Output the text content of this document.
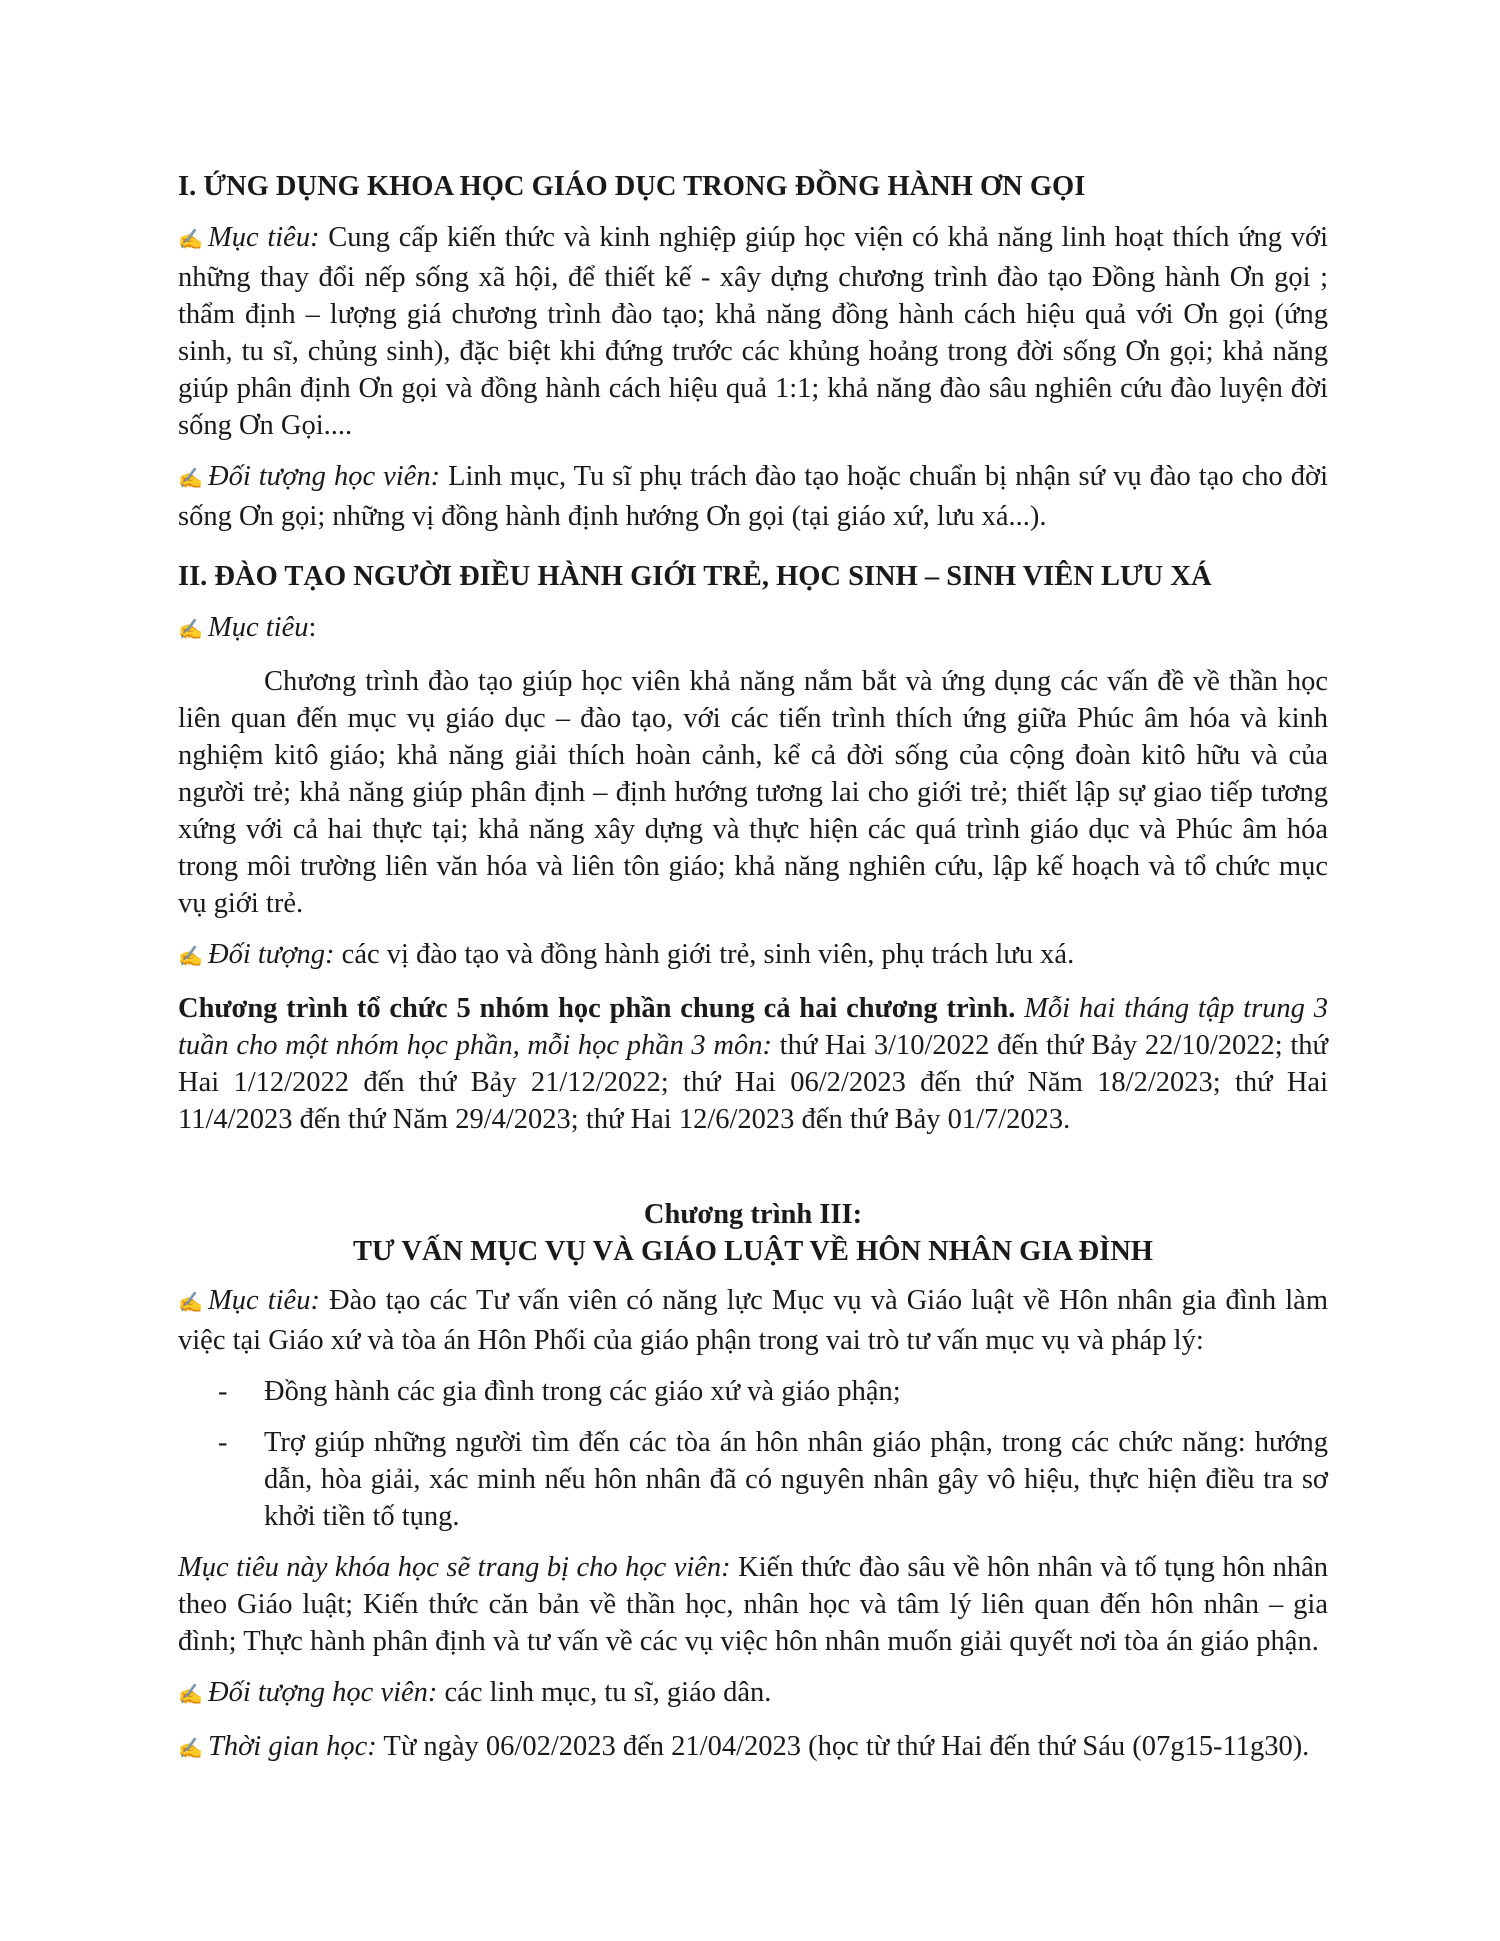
I. ỨNG DỤNG KHOA HỌC GIÁO DỤC TRONG ĐỒNG HÀNH ƠN GỌI

✍ Mục tiêu: Cung cấp kiến thức và kinh nghiệp giúp học viện có khả năng linh hoạt thích ứng với những thay đổi nếp sống xã hội, để thiết kế - xây dựng chương trình đào tạo Đồng hành Ơn gọi ; thẩm định – lượng giá chương trình đào tạo; khả năng đồng hành cách hiệu quả với Ơn gọi (ứng sinh, tu sĩ, chủng sinh), đặc biệt khi đứng trước các khủng hoảng trong đời sống Ơn gọi; khả năng giúp phân định Ơn gọi và đồng hành cách hiệu quả 1:1; khả năng đào sâu nghiên cứu đào luyện đời sống Ơn Gọi....

✍ Đối tượng học viên: Linh mục, Tu sĩ phụ trách đào tạo hoặc chuẩn bị nhận sứ vụ đào tạo cho đời sống Ơn gọi; những vị đồng hành định hướng Ơn gọi (tại giáo xứ, lưu xá...).

II. ĐÀO TẠO NGƯỜI ĐIỀU HÀNH GIỚI TRẺ, HỌC SINH – SINH VIÊN LƯU XÁ

✍ Mục tiêu:

Chương trình đào tạo giúp học viên khả năng nắm bắt và ứng dụng các vấn đề về thần học liên quan đến mục vụ giáo dục – đào tạo, với các tiến trình thích ứng giữa Phúc âm hóa và kinh nghiệm kitô giáo; khả năng giải thích hoàn cảnh, kể cả đời sống của cộng đoàn kitô hữu và của người trẻ; khả năng giúp phân định – định hướng tương lai cho giới trẻ; thiết lập sự giao tiếp tương xứng với cả hai thực tại; khả năng xây dựng và thực hiện các quá trình giáo dục và Phúc âm hóa trong môi trường liên văn hóa và liên tôn giáo; khả năng nghiên cứu, lập kế hoạch và tổ chức mục vụ giới trẻ.

✍ Đối tượng: các vị đào tạo và đồng hành giới trẻ, sinh viên, phụ trách lưu xá.

Chương trình tổ chức 5 nhóm học phần chung cả hai chương trình. Mỗi hai tháng tập trung 3 tuần cho một nhóm học phần, mỗi học phần 3 môn: thứ Hai 3/10/2022 đến thứ Bảy 22/10/2022; thứ Hai 1/12/2022 đến thứ Bảy 21/12/2022; thứ Hai 06/2/2023 đến thứ Năm 18/2/2023; thứ Hai 11/4/2023 đến thứ Năm 29/4/2023; thứ Hai 12/6/2023 đến thứ Bảy 01/7/2023.

Chương trình III:
TƯ VẤN MỤC VỤ VÀ GIÁO LUẬT VỀ HÔN NHÂN GIA ĐÌNH

✍ Mục tiêu: Đào tạo các Tư vấn viên có năng lực Mục vụ và Giáo luật về Hôn nhân gia đình làm việc tại Giáo xứ và tòa án Hôn Phối của giáo phận trong vai trò tư vấn mục vụ và pháp lý:

-	Đồng hành các gia đình trong các giáo xứ và giáo phận;
-	Trợ giúp những người tìm đến các tòa án hôn nhân giáo phận, trong các chức năng: hướng dẫn, hòa giải, xác minh nếu hôn nhân đã có nguyên nhân gây vô hiệu, thực hiện điều tra sơ khởi tiền tố tụng.

Mục tiêu này khóa học sẽ trang bị cho học viên: Kiến thức đào sâu về hôn nhân và tố tụng hôn nhân theo Giáo luật; Kiến thức căn bản về thần học, nhân học và tâm lý liên quan đến hôn nhân – gia đình; Thực hành phân định và tư vấn về các vụ việc hôn nhân muốn giải quyết nơi tòa án giáo phận.

✍ Đối tượng học viên: các linh mục, tu sĩ, giáo dân.

✍ Thời gian học: Từ ngày 06/02/2023 đến 21/04/2023 (học từ thứ Hai đến thứ Sáu (07g15-11g30).
